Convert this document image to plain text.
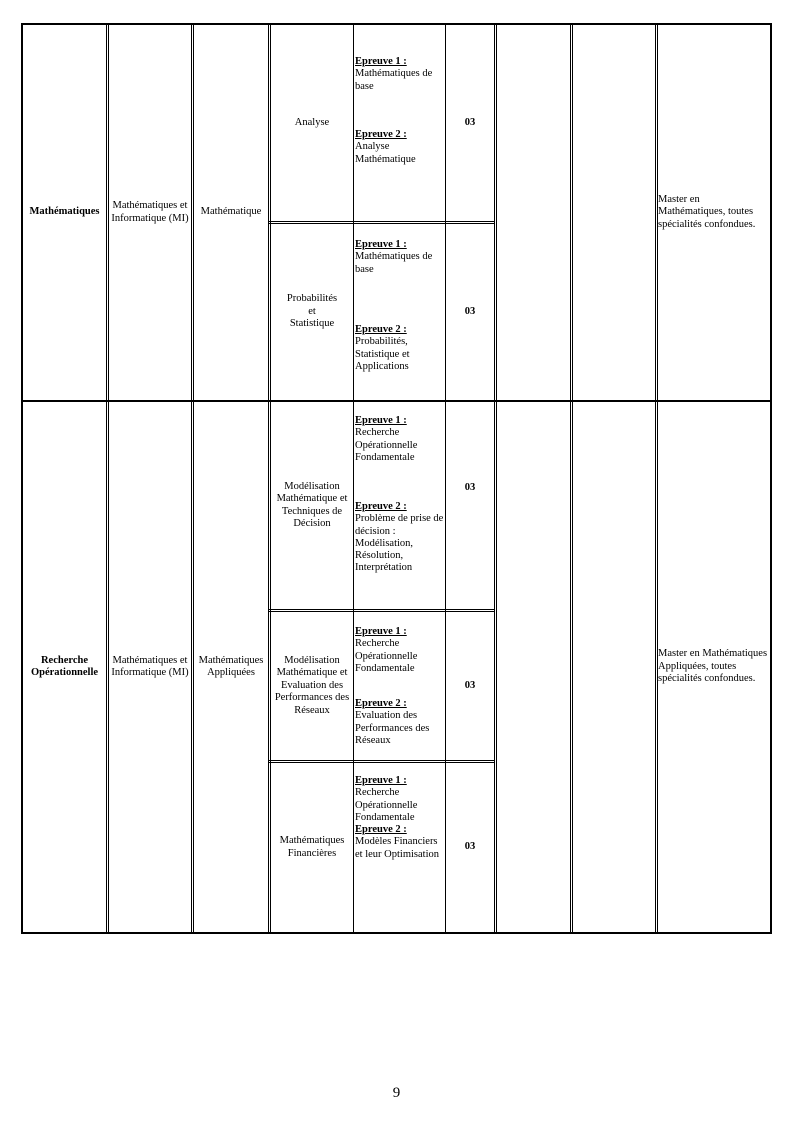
Mathématiques
Mathématiques et
Informatique (MI)
Mathématique
Master en
Mathématiques, toutes
spécialités confondues.
Analyse
Epreuve 1 :
Mathématiques de
base
Epreuve 2 :
Analyse
Mathématique
03
Probabilités
et
Statistique
Epreuve 1 :
Mathématiques de
base
Epreuve 2 :
Probabilités,
Statistique et
Applications
03
Recherche
Opérationnelle
Mathématiques et
Informatique (MI)
Mathématiques
Appliquées
Master en Mathématiques
Appliquées, toutes
spécialités confondues.
Modélisation
Mathématique et
Techniques de
Décision
Epreuve 1 :
Recherche
Opérationnelle
Fondamentale
Epreuve 2 :
Problème de prise de
décision :
Modélisation,
Résolution,
Interprétation
03
Modélisation
Mathématique et
Evaluation des
Performances des
Réseaux
Epreuve 1 :
Recherche
Opérationnelle
Fondamentale
Epreuve 2 :
Evaluation des
Performances des
Réseaux
03
Mathématiques
Financières
Epreuve 1 :
Recherche
Opérationnelle
Fondamentale
Epreuve 2 :
Modèles Financiers
et leur Optimisation
03
9
